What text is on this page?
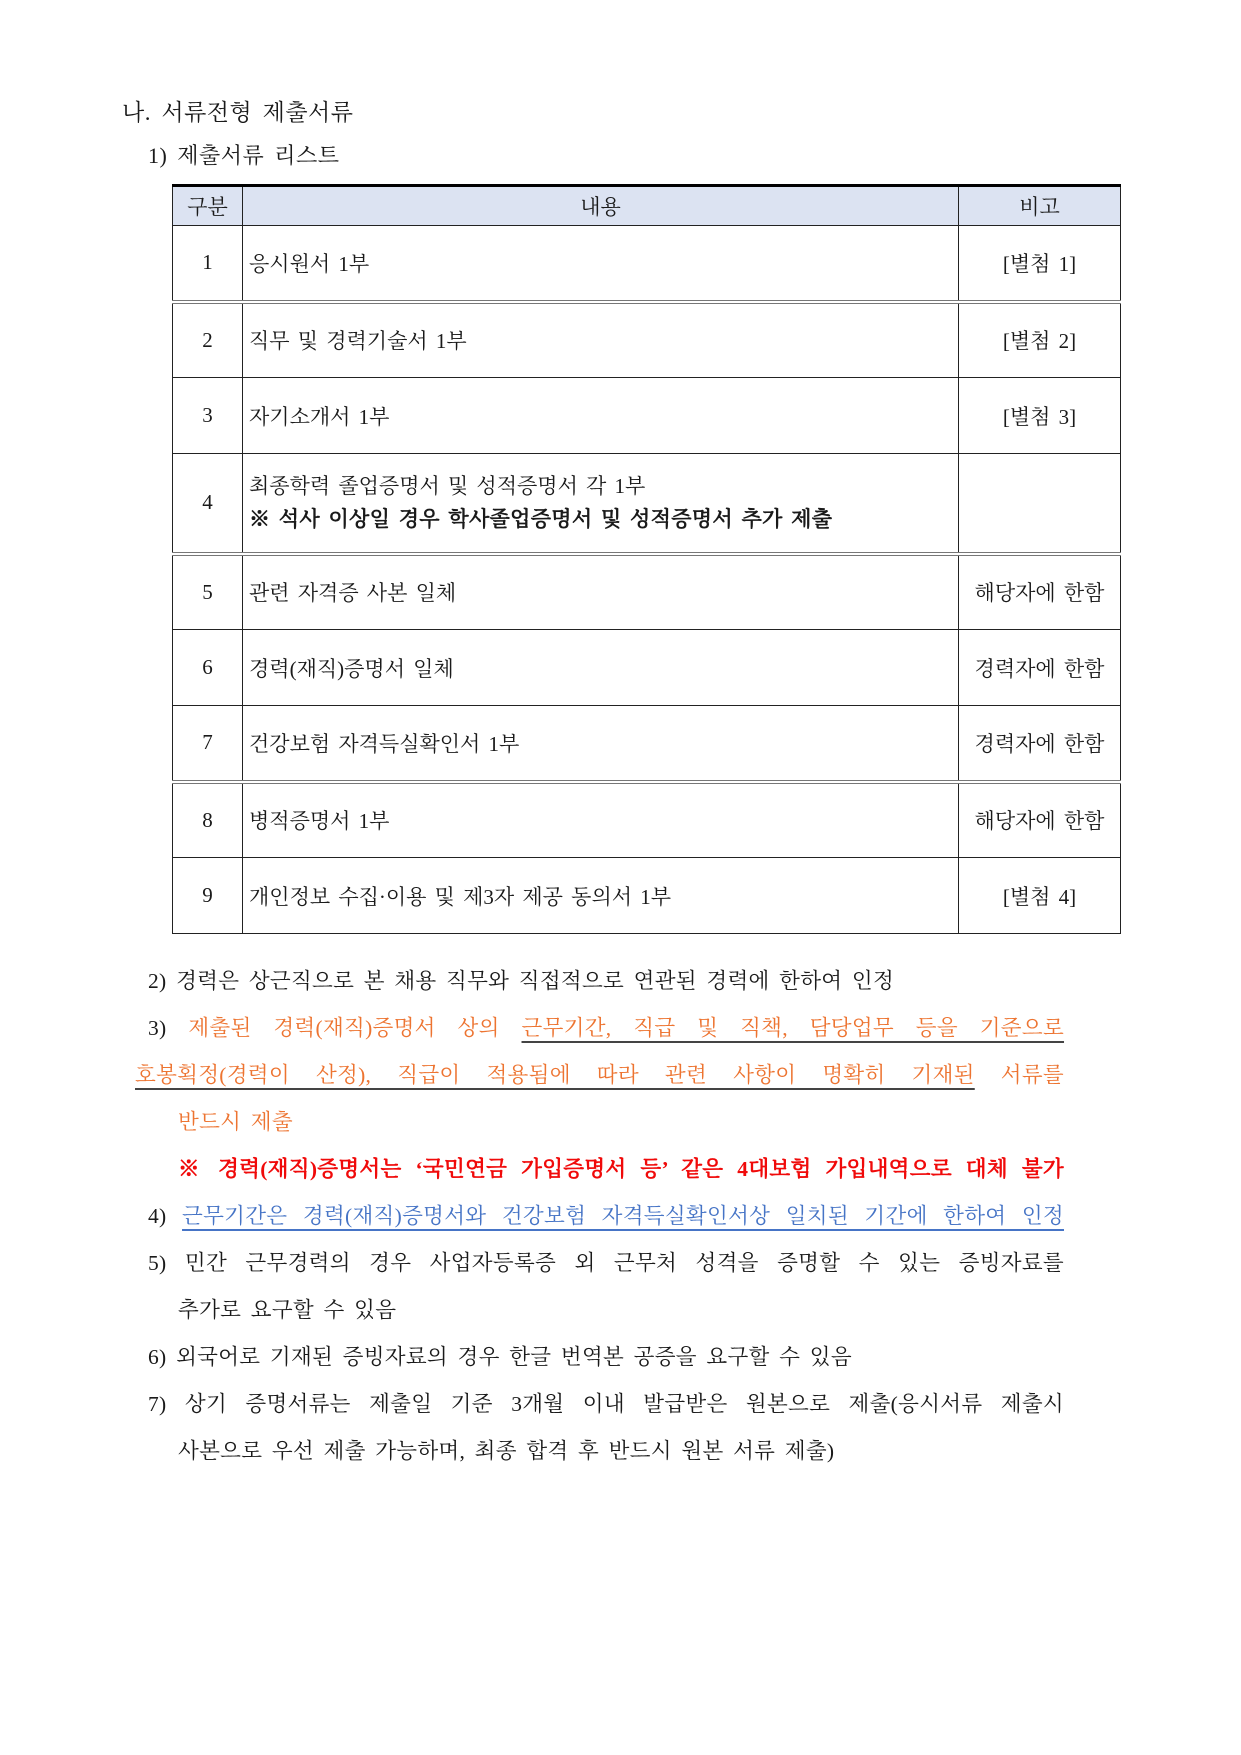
나. 서류전형 제출서류
1) 제출서류 리스트
구분	내용	비고
1	응시원서 1부	[별첨 1]
2	직무 및 경력기술서 1부	[별첨 2]
3	자기소개서 1부	[별첨 3]
4	최종학력 졸업증명서 및 성적증명서 각 1부
※ 석사 이상일 경우 학사졸업증명서 및 성적증명서 추가 제출	

5	관련 자격증 사본 일체	해당자에 한함
6	경력(재직)증명서 일체	경력자에 한함
7	건강보험 자격득실확인서 1부	경력자에 한함
8	병적증명서 1부	해당자에 한함
9	개인정보 수집·이용 및 제3자 제공 동의서 1부	[별첨 4]
2) 경력은 상근직으로 본 채용 직무와 직접적으로 연관된 경력에 한하여 인정
3) 제출된 경력(재직)증명서 상의 근무기간, 직급 및 직책, 담당업무 등을 기준으로
호봉획정(경력이 산정), 직급이 적용됨에 따라 관련 사항이 명확히 기재된 서류를
반드시 제출
※ 경력(재직)증명서는 ‘국민연금 가입증명서 등’ 같은 4대보험 가입내역으로 대체 불가
4) 근무기간은 경력(재직)증명서와 건강보험 자격득실확인서상 일치된 기간에 한하여 인정
5) 민간 근무경력의 경우 사업자등록증 외 근무처 성격을 증명할 수 있는 증빙자료를
추가로 요구할 수 있음
6) 외국어로 기재된 증빙자료의 경우 한글 번역본 공증을 요구할 수 있음
7) 상기 증명서류는 제출일 기준 3개월 이내 발급받은 원본으로 제출(응시서류 제출시
사본으로 우선 제출 가능하며, 최종 합격 후 반드시 원본 서류 제출)
